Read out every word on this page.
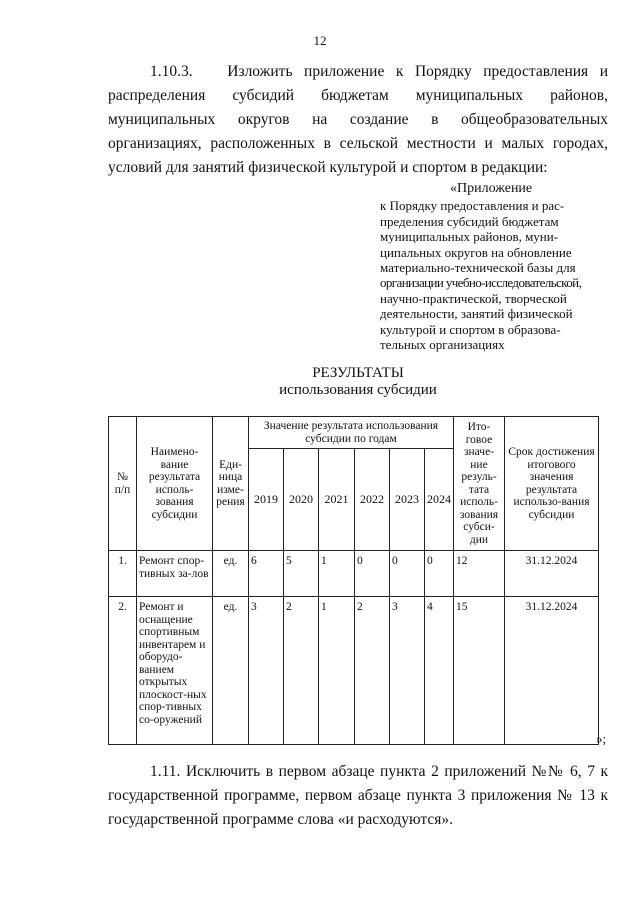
12
1.10.3. Изложить приложение к Порядку предоставления и распределения субсидий бюджетам муниципальных районов, муниципальных округов на создание в общеобразовательных организациях, расположенных в сельской местности и малых городах, условий для занятий физической культурой и спортом в редакции:
«Приложение
к Порядку предоставления и рас-
пределения субсидий бюджетам
муниципальных районов, муни-
ципальных округов на обновление
материально-технической базы для
организации учебно-исследовательской,
научно-практической, творческой
деятельности, занятий физической
культурой и спортом в образова-
тельных организациях
РЕЗУЛЬТАТЫ
использования субсидии
№ п/п	Наимено-вание результата исполь-зования субсидии	Еди-ница изме-рения	Значение результата использования субсидии по годам						Ито-говое значе-ние резуль-тата исполь-зования субси-дии	Срок достижения итогового значения результата использо-вания субсидии
			2019	2020	2021	2022	2023	2024		
1.	Ремонт спор-тивных за-лов	ед.	6	5	1	0	0	0	12	31.12.2024
2.	Ремонт и оснащение спортивным инвентарем и оборудо-ванием открытых плоскост-ных спор-тивных со-оружений	ед.	3	2	1	2	3	4	15	31.12.2024
»;
1.11. Исключить в первом абзаце пункта 2 приложений №№ 6, 7 к государственной программе, первом абзаце пункта 3 приложения № 13 к государственной программе слова «и расходуются».
